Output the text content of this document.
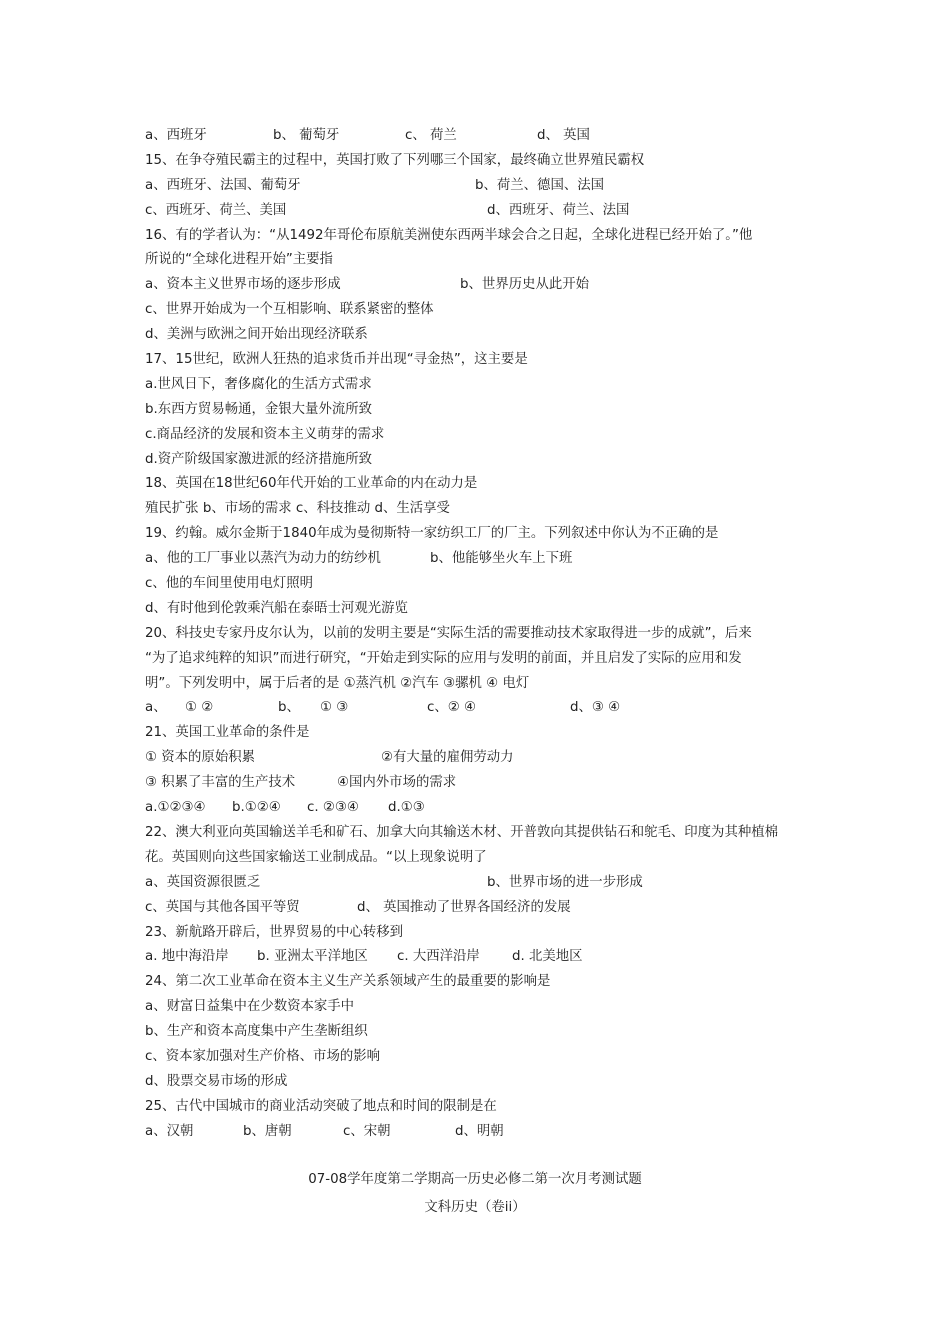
a、西班牙	b、 葡萄牙	c、 荷兰	d、 英国
15、在争夺殖民霸主的过程中，英国打败了下列哪三个国家，最终确立世界殖民霸权
a、西班牙、法国、葡萄牙	b、荷兰、德国、法国
c、西班牙、荷兰、美国	d、西班牙、荷兰、法国
16、有的学者认为：“从1492年哥伦布原航美洲使东西两半球会合之日起，全球化进程已经开始了。”他
所说的“全球化进程开始”主要指
a、资本主义世界市场的逐步形成	b、世界历史从此开始
c、世界开始成为一个互相影响、联系紧密的整体
d、美洲与欧洲之间开始出现经济联系
17、15世纪，欧洲人狂热的追求货币并出现“寻金热”，这主要是
a.世风日下，奢侈腐化的生活方式需求
b.东西方贸易畅通，金银大量外流所致
c.商品经济的发展和资本主义萌芽的需求
d.资产阶级国家激进派的经济措施所致
18、英国在18世纪60年代开始的工业革命的内在动力是
殖民扩张 b、市场的需求 c、科技推动 d、生活享受
19、约翰。威尔金斯于1840年成为曼彻斯特一家纺织工厂的厂主。下列叙述中你认为不正确的是
a、他的工厂事业以蒸汽为动力的纺纱机	b、他能够坐火车上下班
c、他的车间里使用电灯照明
d、有时他到伦敦乘汽船在泰晤士河观光游览
20、科技史专家丹皮尔认为，以前的发明主要是“实际生活的需要推动技术家取得进一步的成就”，后来
“为了追求纯粹的知识”而进行研究，“开始走到实际的应用与发明的前面，并且启发了实际的应用和发
明”。下列发明中，属于后者的是 ①蒸汽机 ②汽车 ③骡机 ④ 电灯
a、 ① ②	b、 ① ③	c、② ④	d、③ ④
21、英国工业革命的条件是
① 资本的原始积累	②有大量的雇佣劳动力
③ 积累了丰富的生产技术	④国内外市场的需求
a.①②③④ b.①②④ c. ②③④ d.①③
22、澳大利亚向英国输送羊毛和矿石、加拿大向其输送木材、开普敦向其提供钻石和鸵毛、印度为其种植棉
花。英国则向这些国家输送工业制成品。“以上现象说明了
a、英国资源很匮乏	b、世界市场的进一步形成
c、英国与其他各国平等贸	d、 英国推动了世界各国经济的发展
23、新航路开辟后，世界贸易的中心转移到
a. 地中海沿岸 b. 亚洲太平洋地区 c. 大西洋沿岸 d. 北美地区
24、第二次工业革命在资本主义生产关系领域产生的最重要的影响是
a、财富日益集中在少数资本家手中
b、生产和资本高度集中产生垄断组织
c、资本家加强对生产价格、市场的影响
d、股票交易市场的形成
25、古代中国城市的商业活动突破了地点和时间的限制是在
a、汉朝	b、唐朝	c、宋朝	d、明朝
07-08学年度第二学期高一历史必修二第一次月考测试题
文科历史（卷ii）
